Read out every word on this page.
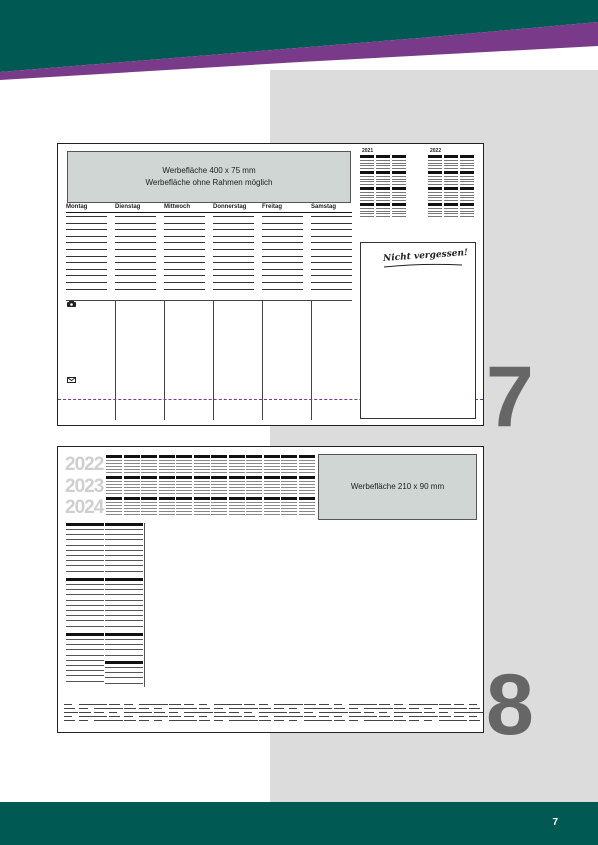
Werbefläche 400 x 75 mm
Werbefläche ohne Rahmen möglich
Montag	Dienstag	Mittwoch	Donnerstag	Freitag	Samstag
2021	2022
Nicht vergessen!
7
2022
2023
2024
Werbefläche 210 x 90 mm
8
7
